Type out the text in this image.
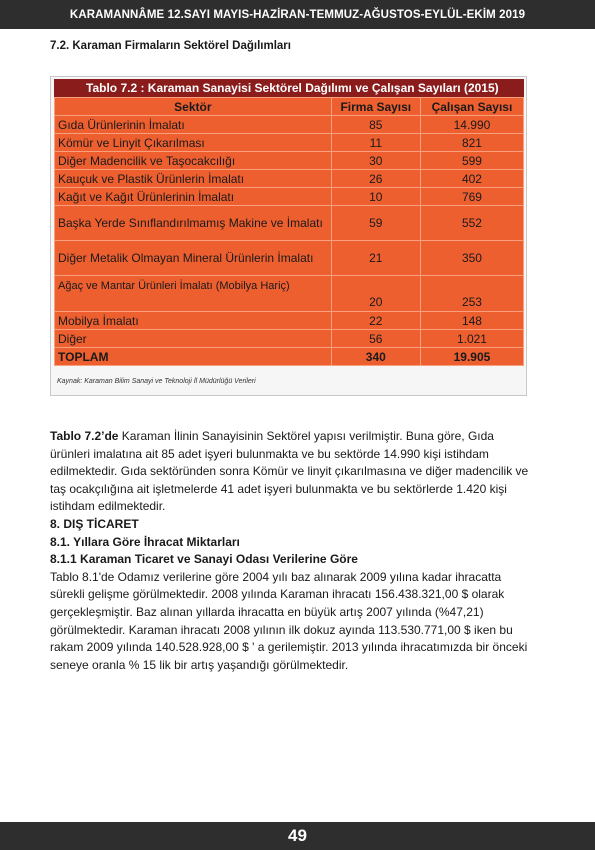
KARAMANNÂME 12.SAYI MAYIS-HAZİRAN-TEMMUZ-AĞUSTOS-EYLÜL-EKİM 2019
7.2. Karaman Firmaların Sektörel Dağılımları
Tablo 7.2 : Karaman Sanayisi Sektörel Dağılımı ve Çalışan Sayıları (2015)
Sektör	Firma Sayısı	Çalışan Sayısı
Gıda Ürünlerinin İmalatı	85	14.990
Kömür ve Linyit Çıkarılması	11	821
Diğer Madencilik ve Taşocakcılığı	30	599
Kauçuk ve Plastik Ürünlerin İmalatı	26	402
Kağıt ve Kağıt Ürünlerinin İmalatı	10	769
Başka Yerde Sınıflandırılmamış Makine ve İmalatı	59	552
Diğer Metalik Olmayan Mineral Ürünlerin İmalatı	21	350
Ağaç ve Mantar Ürünleri İmalatı (Mobilya Hariç)	20	253
Mobilya İmalatı	22	148
Diğer	56	1.021
TOPLAM	340	19.905
Kaynak: Karaman Bilim Sanayi ve Teknoloji İl Müdürlüğü Verileri

Tablo 7.2’de Karaman İlinin Sanayisinin Sektörel yapısı verilmiştir. Buna göre, Gıda ürünleri imalatına ait 85 adet işyeri bulunmakta ve bu sektörde 14.990 kişi istihdam edilmektedir. Gıda sektöründen sonra Kömür ve linyit çıkarılmasına ve diğer madencilik ve taş ocakçılığına ait işletmelerde 41 adet işyeri bulunmakta ve bu sektörlerde 1.420 kişi istihdam edilmektedir.

8. DIŞ TİCARET

8.1. Yıllara Göre İhracat Miktarları

8.1.1 Karaman Ticaret ve Sanayi Odası Verilerine Göre

Tablo 8.1'de Odamız verilerine göre 2004 yılı baz alınarak 2009 yılına kadar ihracatta sürekli gelişme görülmektedir. 2008 yılında Karaman ihracatı 156.438.321,00 $ olarak gerçekleşmiştir. Baz alınan yıllarda ihracatta en büyük artış 2007 yılında (%47,21) görülmektedir. Karaman ihracatı 2008 yılının ilk dokuz ayında 113.530.771,00 $ iken bu rakam 2009 yılında 140.528.928,00 $ ' a gerilemiştir. 2013 yılında ihracatımızda bir önceki seneye oranla % 15 lik bir artış yaşandığı görülmektedir.

49
